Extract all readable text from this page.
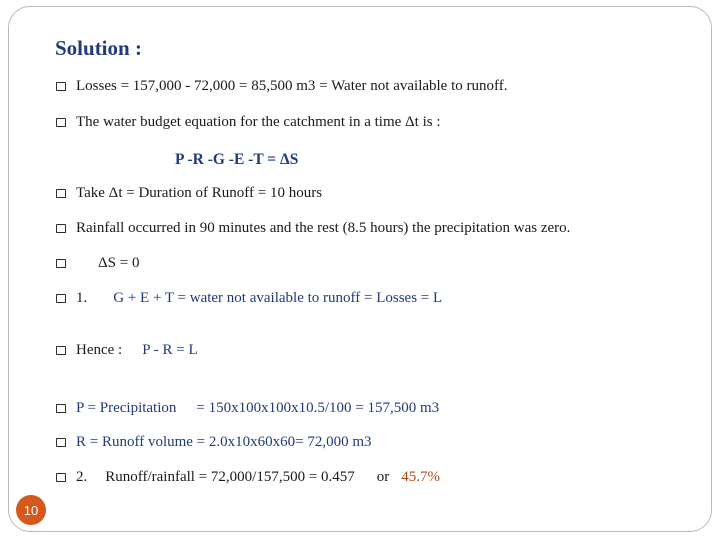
Solution :
Losses = 157,000 - 72,000 = 85,500 m3 = Water not available to runoff.
The water budget equation for the catchment in a time Δt is :
P -R -G -E -T = ΔS
Take Δt = Duration of Runoff = 10 hours
Rainfall occurred in 90 minutes and the rest (8.5 hours) the precipitation was zero.
ΔS = 0
1. G + E + T = water not available to runoff = Losses = L
Hence : P - R = L
P = Precipitation = 150x100x100x10.5/100 = 157,500 m3
R = Runoff volume = 2.0x10x60x60= 72,000 m3
2. Runoff/rainfall = 72,000/157,500 = 0.457 or 45.7%
10
